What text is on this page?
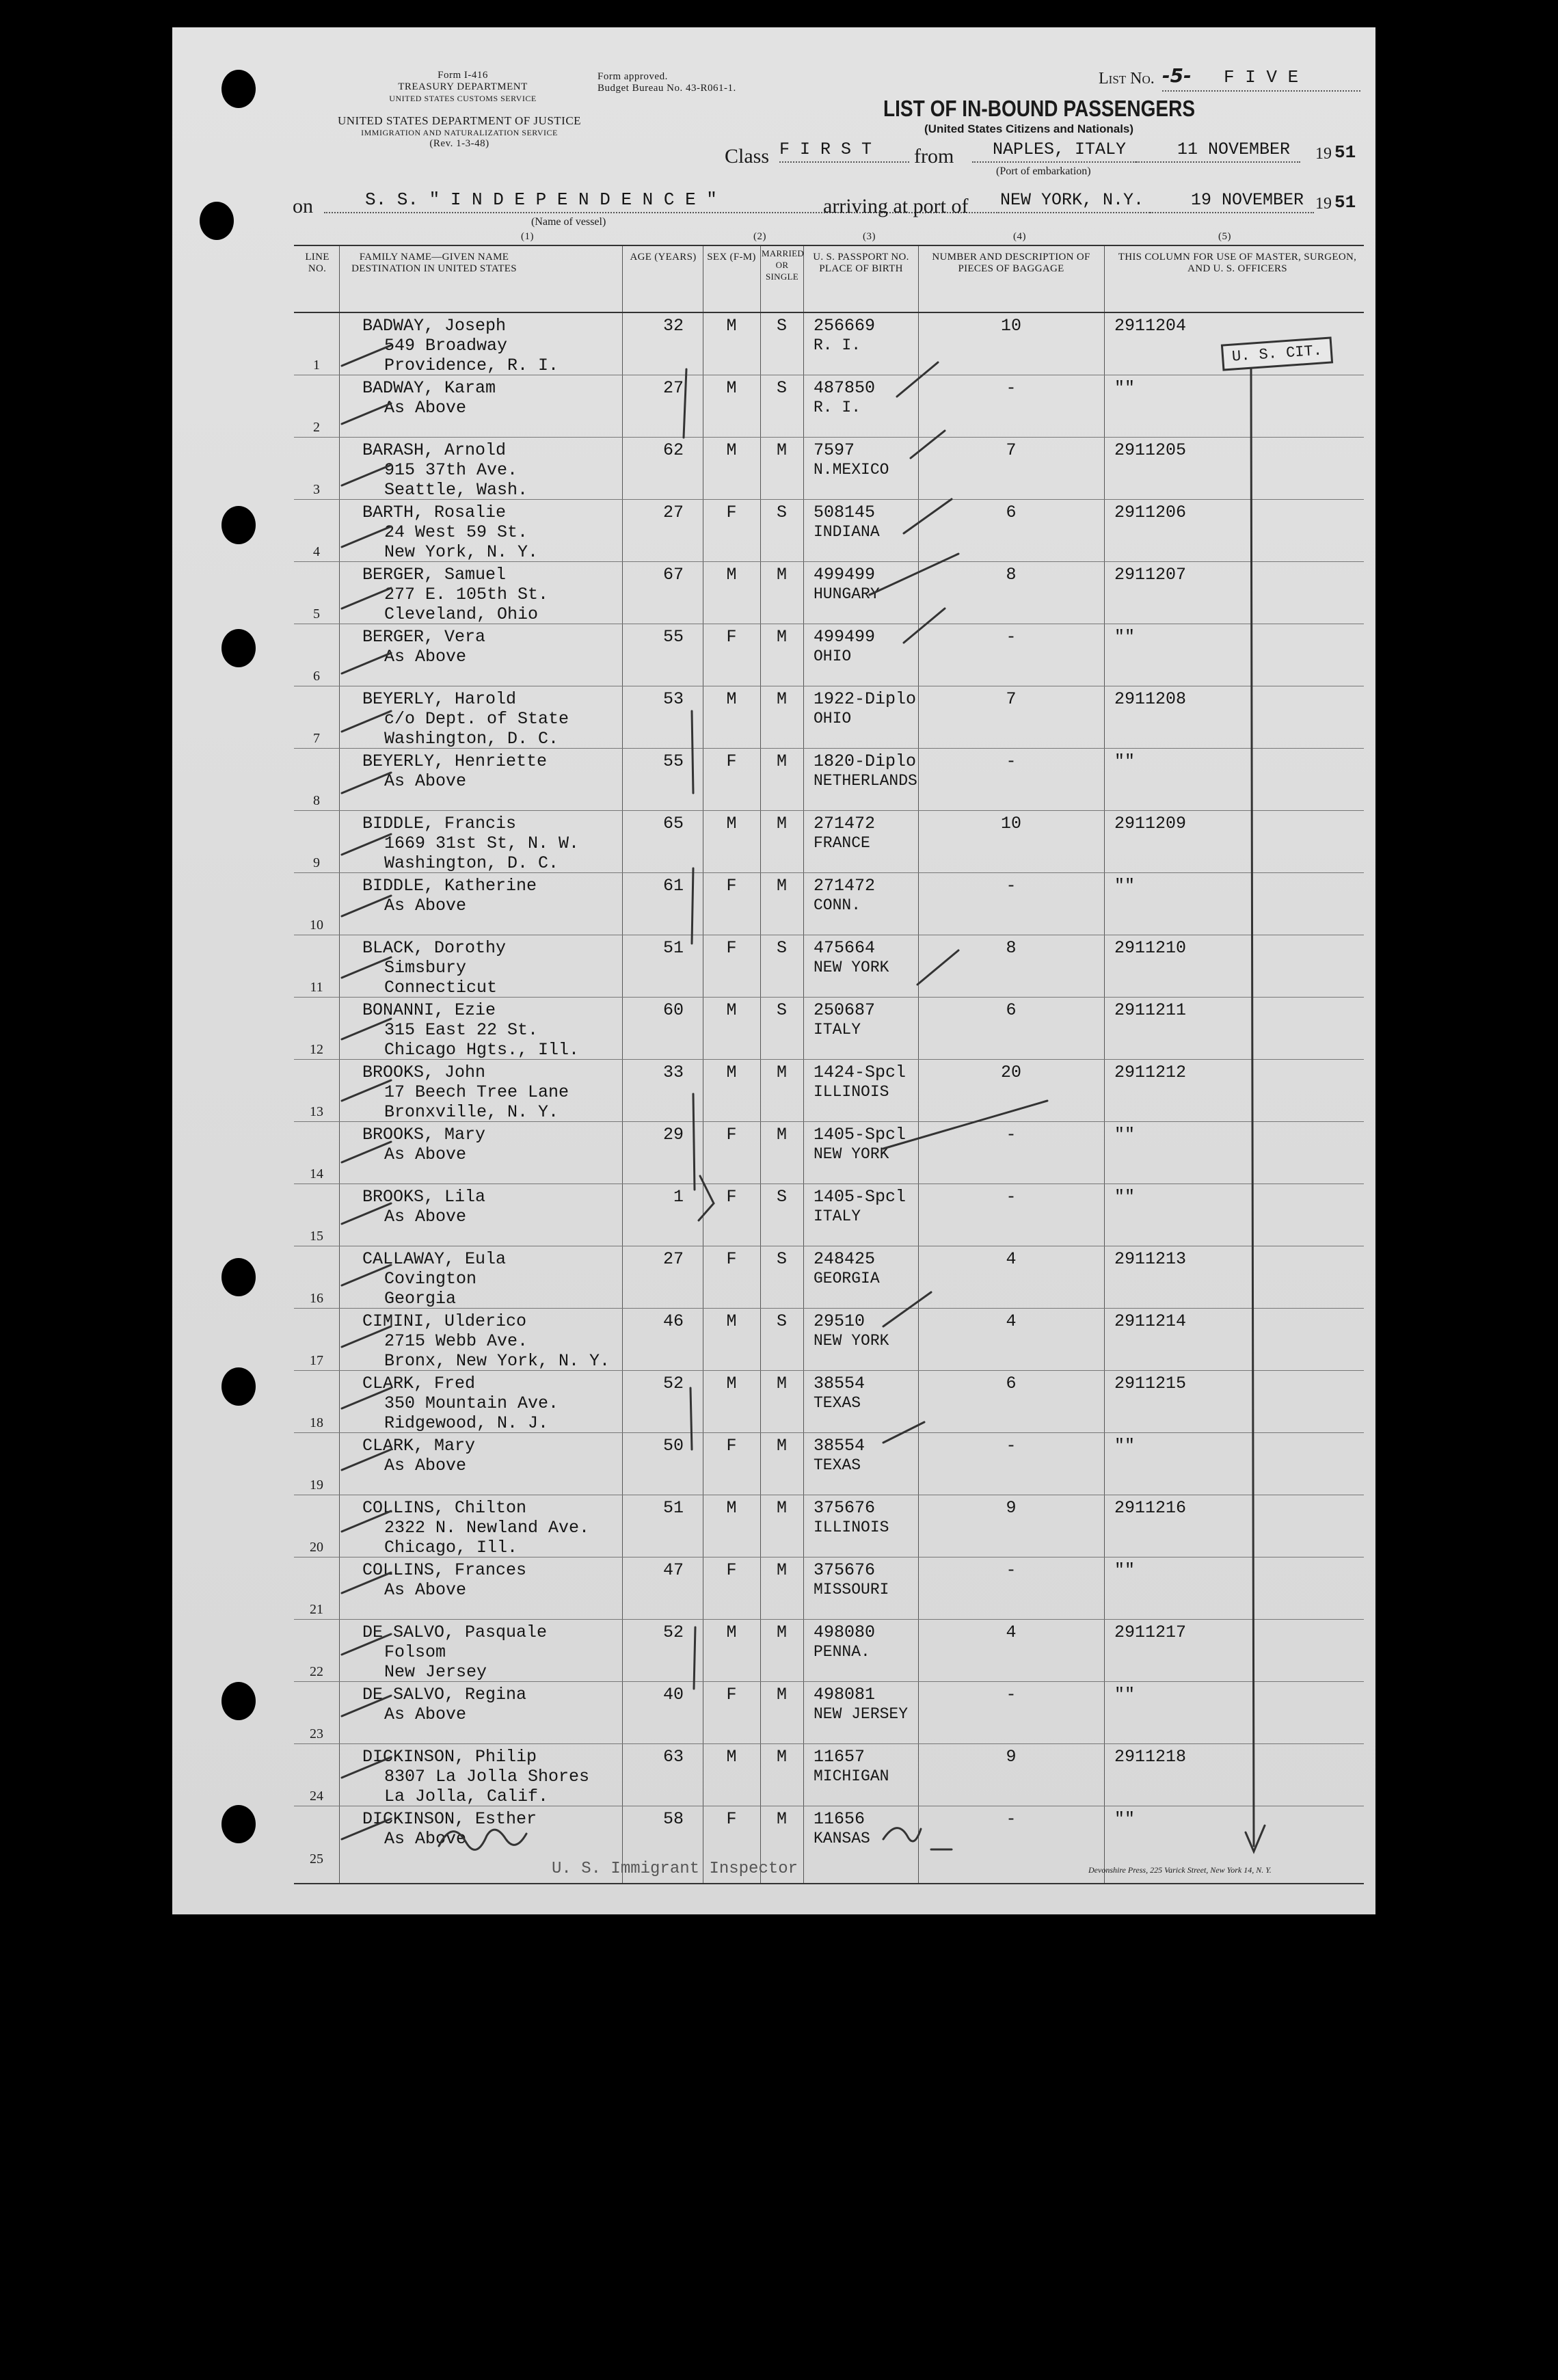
Form I-416
TREASURY DEPARTMENT
UNITED STATES CUSTOMS SERVICE
UNITED STATES DEPARTMENT OF JUSTICE
IMMIGRATION AND NATURALIZATION SERVICE
(Rev. 1-3-48)
Form approved.
Budget Bureau No. 43-R061-1.
List No. -5- F I V E
LIST OF IN-BOUND PASSENGERS
(United States Citizens and Nationals)
Class F I R S T	from	NAPLES, ITALY
(Port of embarkation)
11 NOVEMBER	19 51
on	S. S. " I N D E P E N D E N C E "
(Name of vessel)
arriving at port of NEW YORK, N.Y.	19 NOVEMBER 19 51
(1)	(2)	(3)	(4)	(5)
LINE NO.
FAMILY NAME—GIVEN NAME DESTINATION IN UNITED STATES
AGE (YEARS)	SEX (F-M) MARRIED OR SINGLE
U. S. PASSPORT NO. PLACE OF BIRTH
NUMBER AND DESCRIPTION OF PIECES OF BAGGAGE
THIS COLUMN FOR USE OF MASTER, SURGEON, AND U. S. OFFICERS
1
BADWAY, Joseph
549 Broadway
Providence, R. I.
32	M	S	256669
R. I.
10	2911204
2
BADWAY, Karam
As Above
27	M	S	487850
R. I.
-	""
3
BARASH, Arnold
915 37th Ave.
Seattle, Wash.
62	M	M	7597
N.MEXICO
7	2911205
4
BARTH, Rosalie
24 West 59 St.
New York, N. Y.
27	F	S	508145
INDIANA
6	2911206
5
BERGER, Samuel
277 E. 105th St.
Cleveland, Ohio
67	M	M	499499
HUNGARY
8	2911207
6
BERGER, Vera
As Above
55	F	M	499499
OHIO
-	""
7
BEYERLY, Harold
c/o Dept. of State
Washington, D. C.
53	M	M	1922-Diplo
OHIO
7	2911208
8
BEYERLY, Henriette
As Above
55	F	M	1820-Diplo
NETHERLANDS
-	""
9
BIDDLE, Francis
1669 31st St, N. W.
Washington, D. C.
65	M	M	271472
FRANCE
10	2911209
10
BIDDLE, Katherine
As Above
61	F	M	271472
CONN.
-	""
11
BLACK, Dorothy
Simsbury
Connecticut
51	F	S	475664
NEW YORK
8	2911210
12
BONANNI, Ezie
315 East 22 St.
Chicago Hgts., Ill.
60	M	S	250687
ITALY
6	2911211
13
BROOKS, John
17 Beech Tree Lane
Bronxville, N. Y.
33	M	M	1424-Spcl
ILLINOIS
20	2911212
14
BROOKS, Mary
As Above
29	F	M	1405-Spcl
NEW YORK
-	""
15
BROOKS, Lila
As Above
1	F	S	1405-Spcl
ITALY
-	""
16
CALLAWAY, Eula
Covington
Georgia
27	F	S	248425
GEORGIA
4	2911213
17
CIMINI, Ulderico
2715 Webb Ave.
Bronx, New York, N. Y.
46	M	S	29510
NEW YORK
4	2911214
18
CLARK, Fred
350 Mountain Ave.
Ridgewood, N. J.
52	M	M	38554
TEXAS
6	2911215
19
CLARK, Mary
As Above
50	F	M	38554
TEXAS
-	""
20
COLLINS, Chilton
2322 N. Newland Ave.
Chicago, Ill.
51	M	M	375676
ILLINOIS
9	2911216
21
COLLINS, Frances
As Above
47	F	M	375676
MISSOURI
-	""
22
DE SALVO, Pasquale
Folsom
New Jersey
52	M	M	498080
PENNA.
4	2911217
23
DE SALVO, Regina
As Above
40	F	M	498081
NEW JERSEY
-	""
24
DICKINSON, Philip
8307 La Jolla Shores
La Jolla, Calif.
63	M	M	11657
MICHIGAN
9	2911218
25
DICKINSON, Esther
As Above
58	F	M	11656
KANSAS
-	""
U. S. CIT.
U. S. Immigrant Inspector	Devonshire Press, 225 Varick Street, New York 14, N. Y.
